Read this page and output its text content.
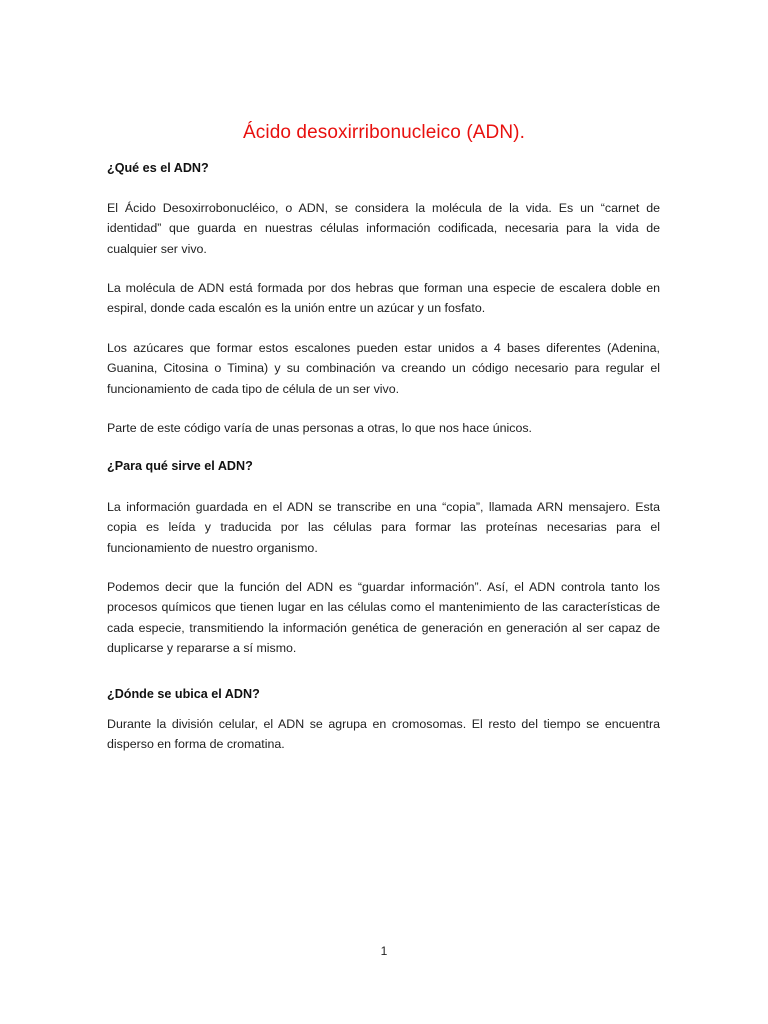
Ácido desoxirribonucleico (ADN).
¿Qué es el ADN?
El Ácido Desoxirrobonucléico, o ADN, se considera la molécula de la vida. Es un “carnet de identidad” que guarda en nuestras células información codificada, necesaria para la vida de cualquier ser vivo.
La molécula de ADN está formada por dos hebras que forman una especie de escalera doble en espiral, donde cada escalón es la unión entre un azúcar y un fosfato.
Los azúcares que formar estos escalones pueden estar unidos a 4 bases diferentes (Adenina, Guanina, Citosina o Timina) y su combinación va creando un código necesario para regular el funcionamiento de cada tipo de célula de un ser vivo.
Parte de este código varía de unas personas a otras, lo que nos hace únicos.
¿Para qué sirve el ADN?
La información guardada en el ADN se transcribe en una “copia”, llamada ARN mensajero. Esta copia es leída y traducida por las células para formar las proteínas necesarias para el funcionamiento de nuestro organismo.
Podemos decir que la función del ADN es “guardar información”. Así, el ADN controla tanto los procesos químicos que tienen lugar en las células como el mantenimiento de las características de cada especie, transmitiendo la información genética de generación en generación al ser capaz de duplicarse y repararse a sí mismo.
¿Dónde se ubica el ADN?
Durante la división celular, el ADN se agrupa en cromosomas. El resto del tiempo se encuentra disperso en forma de cromatina.
1
